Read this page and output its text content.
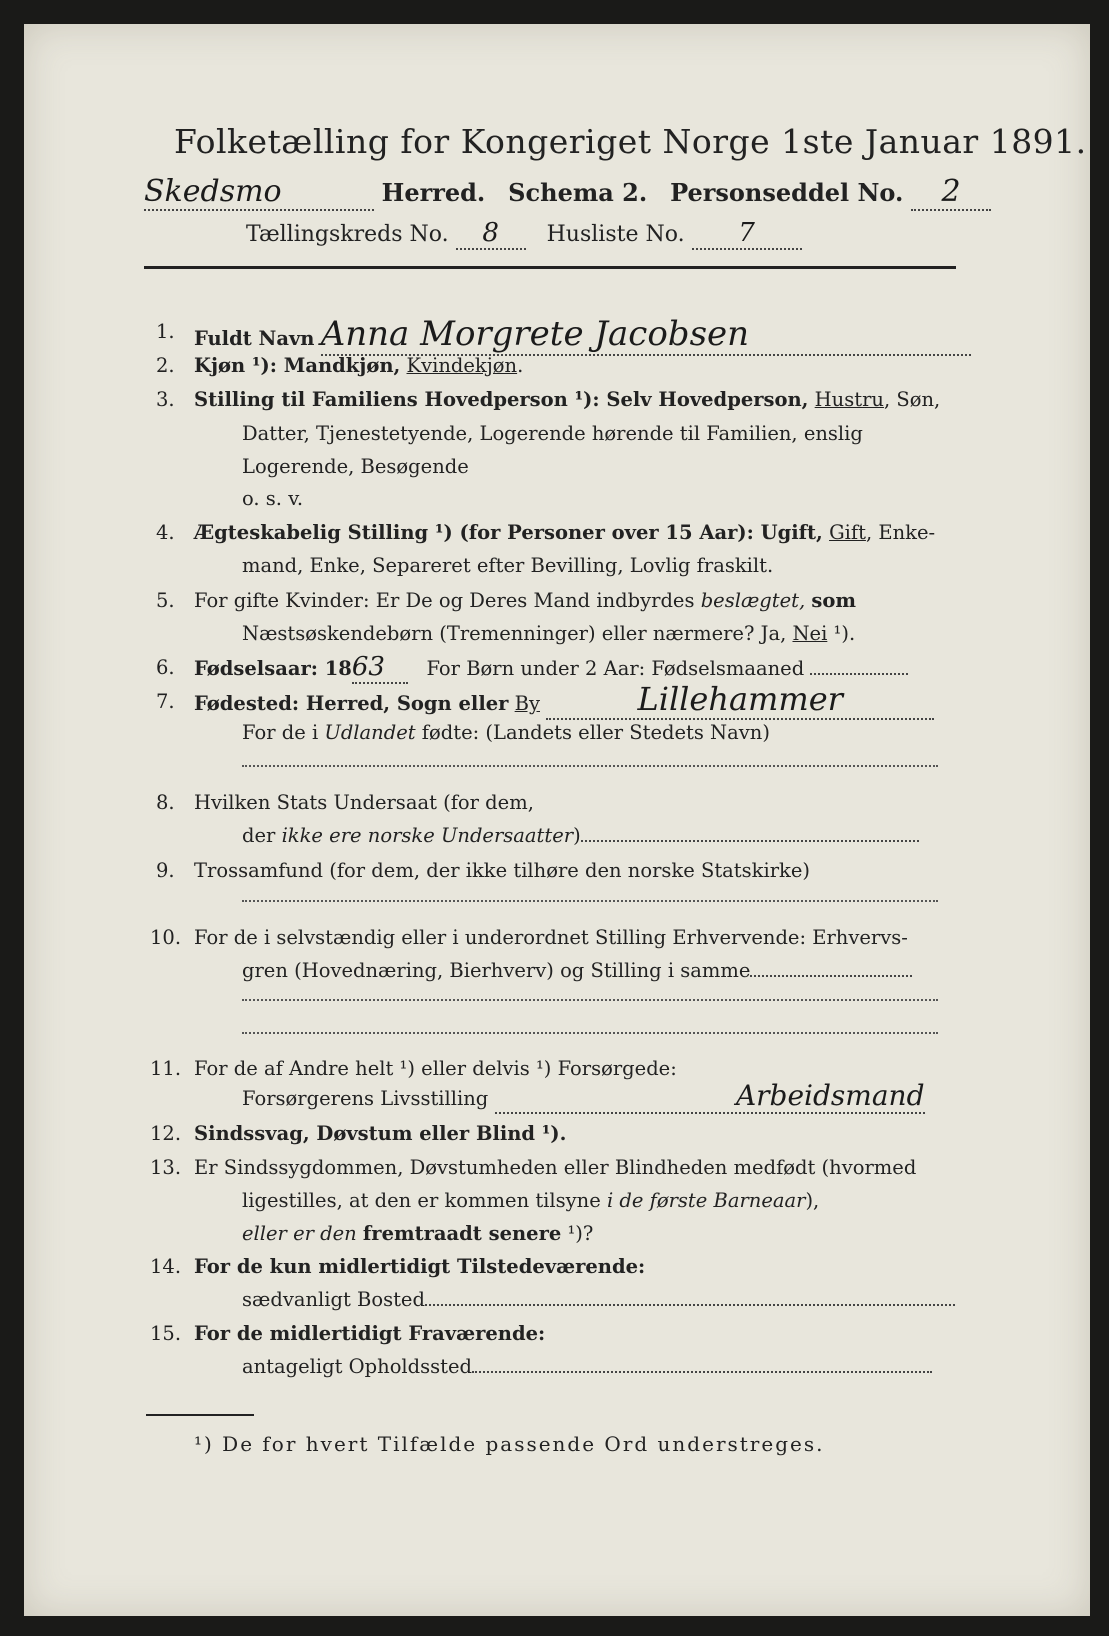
Folketælling for Kongeriget Norge 1ste Januar 1891.
Skedsmo	Herred. Schema 2. Personseddel No. 2
Tællingskreds No. 8 Husliste No. 7
1. Fuldt Navn Anna Morgrete Jacobsen
2. Kjøn ¹): Mandkjøn, Kvindekjøn.
3. Stilling til Familiens Hovedperson ¹): Selv Hovedperson, Hustru, Søn,
Datter, Tjenestetyende, Logerende hørende til Familien, enslig
Logerende, Besøgende
o. s. v.
4. Ægteskabelig Stilling ¹) (for Personer over 15 Aar): Ugift, Gift, Enke-
mand, Enke, Separeret efter Bevilling, Lovlig fraskilt.
5. For gifte Kvinder: Er De og Deres Mand indbyrdes beslægtet, som
Næstsøskendebørn (Tremenninger) eller nærmere? Ja, Nei ¹).
6. Fødselsaar: 1863 For Børn under 2 Aar: Fødselsmaaned
7. Fødested: Herred, Sogn eller By	Lillehammer
For de i Udlandet fødte: (Landets eller Stedets Navn)
8. Hvilken Stats Undersaat (for dem,
der ikke ere norske Undersaatter)
9. Trossamfund (for dem, der ikke tilhøre den norske Statskirke)
10. For de i selvstændig eller i underordnet Stilling Erhvervende: Erhvervs-
gren (Hovednæring, Bierhverv) og Stilling i samme
11. For de af Andre helt ¹) eller delvis ¹) Forsørgede:
Forsørgerens Livsstilling	Arbeidsmand
12. Sindssvag, Døvstum eller Blind ¹).
13. Er Sindssygdommen, Døvstumheden eller Blindheden medfødt (hvormed
ligestilles, at den er kommen tilsyne i de første Barneaar),
eller er den fremtraadt senere ¹)?
14. For de kun midlertidigt Tilstedeværende:
sædvanligt Bosted
15. For de midlertidigt Fraværende:
antageligt Opholdssted
¹) De for hvert Tilfælde passende Ord understreges.
